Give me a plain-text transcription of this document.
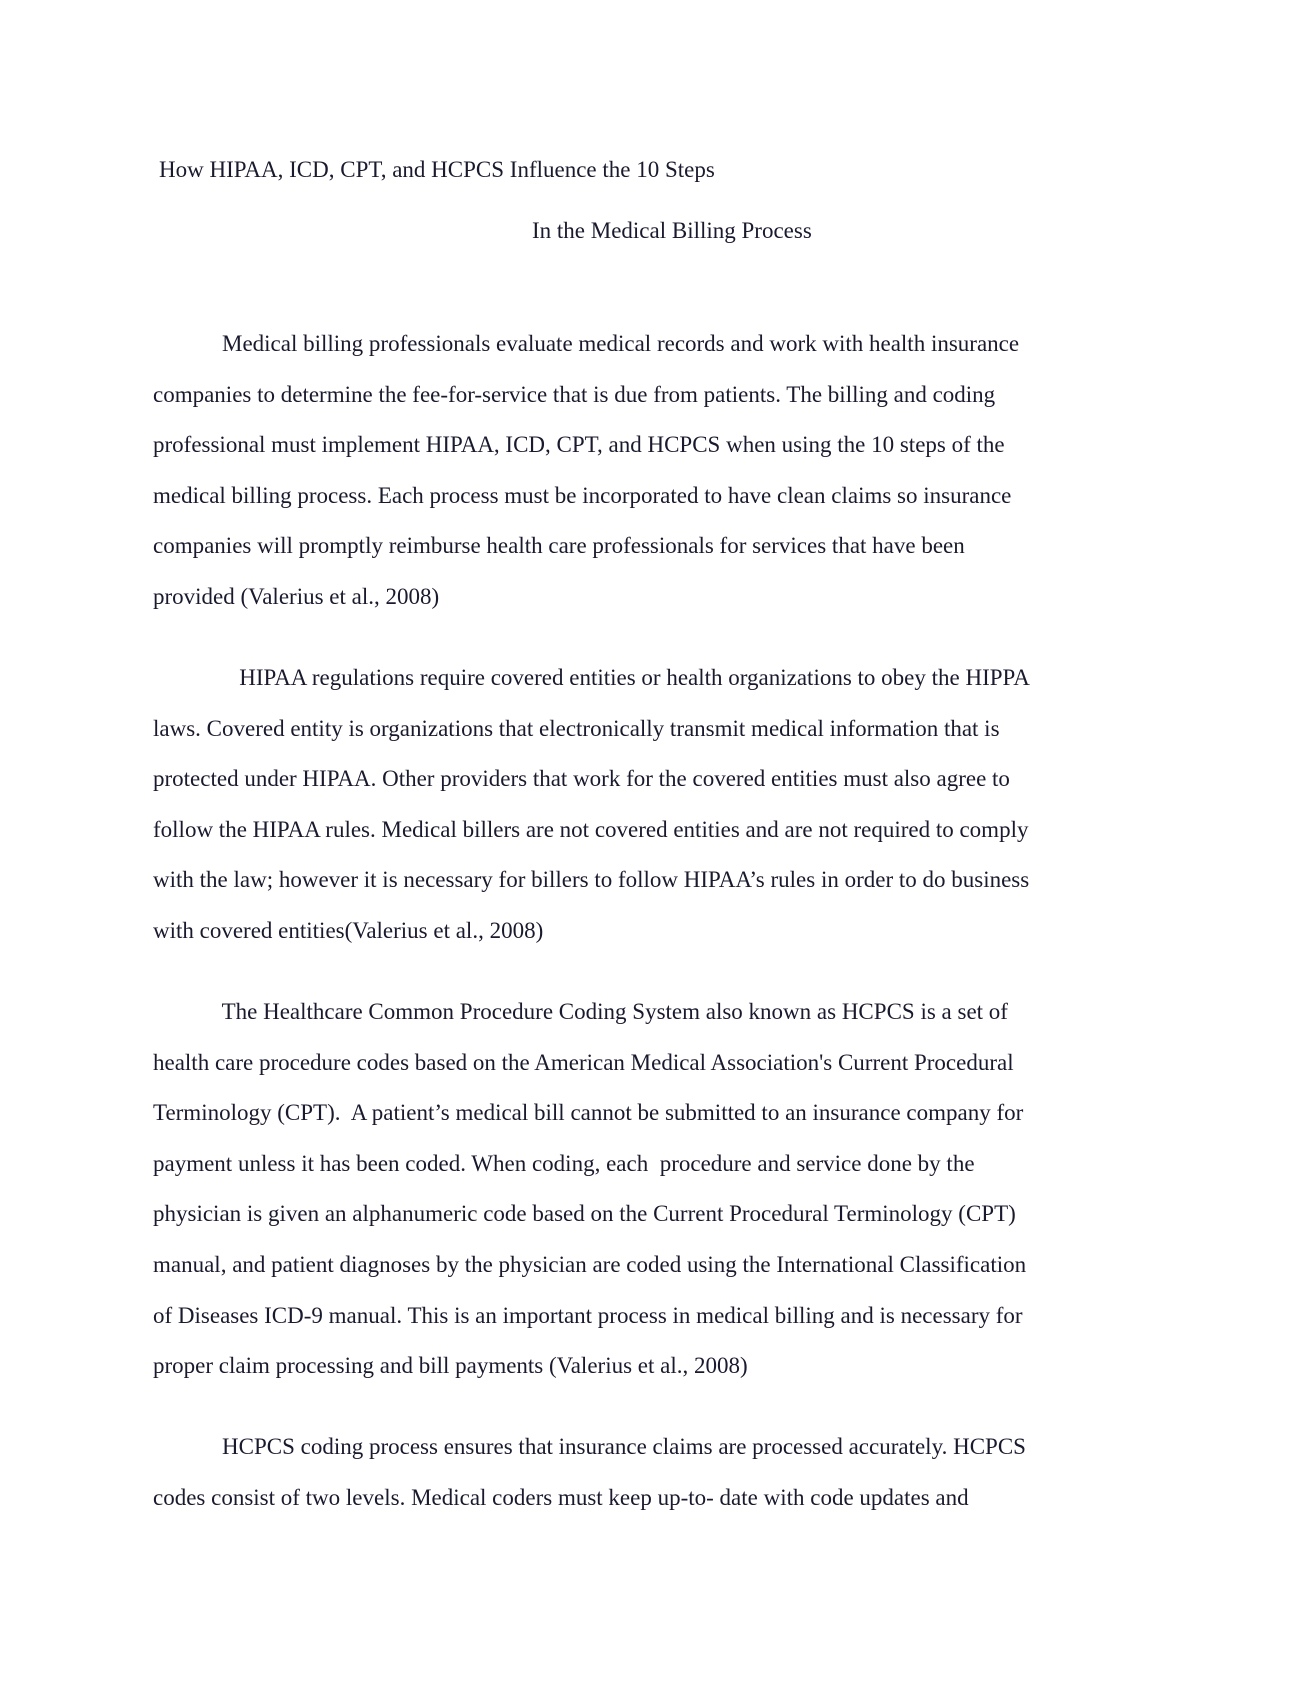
How HIPAA, ICD, CPT, and HCPCS Influence the 10 Steps
In the Medical Billing Process
Medical billing professionals evaluate medical records and work with health insurance
companies to determine the fee-for-service that is due from patients. The billing and coding
professional must implement HIPAA, ICD, CPT, and HCPCS when using the 10 steps of the
medical billing process. Each process must be incorporated to have clean claims so insurance
companies will promptly reimburse health care professionals for services that have been
provided (Valerius et al., 2008)
HIPAA regulations require covered entities or health organizations to obey the HIPPA
laws. Covered entity is organizations that electronically transmit medical information that is
protected under HIPAA. Other providers that work for the covered entities must also agree to
follow the HIPAA rules. Medical billers are not covered entities and are not required to comply
with the law; however it is necessary for billers to follow HIPAA’s rules in order to do business
with covered entities(Valerius et al., 2008)
The Healthcare Common Procedure Coding System also known as HCPCS is a set of
health care procedure codes based on the American Medical Association's Current Procedural
Terminology (CPT).  A patient’s medical bill cannot be submitted to an insurance company for
payment unless it has been coded. When coding, each  procedure and service done by the
physician is given an alphanumeric code based on the Current Procedural Terminology (CPT)
manual, and patient diagnoses by the physician are coded using the International Classification
of Diseases ICD-9 manual. This is an important process in medical billing and is necessary for
proper claim processing and bill payments (Valerius et al., 2008)
HCPCS coding process ensures that insurance claims are processed accurately. HCPCS
codes consist of two levels. Medical coders must keep up-to- date with code updates and
